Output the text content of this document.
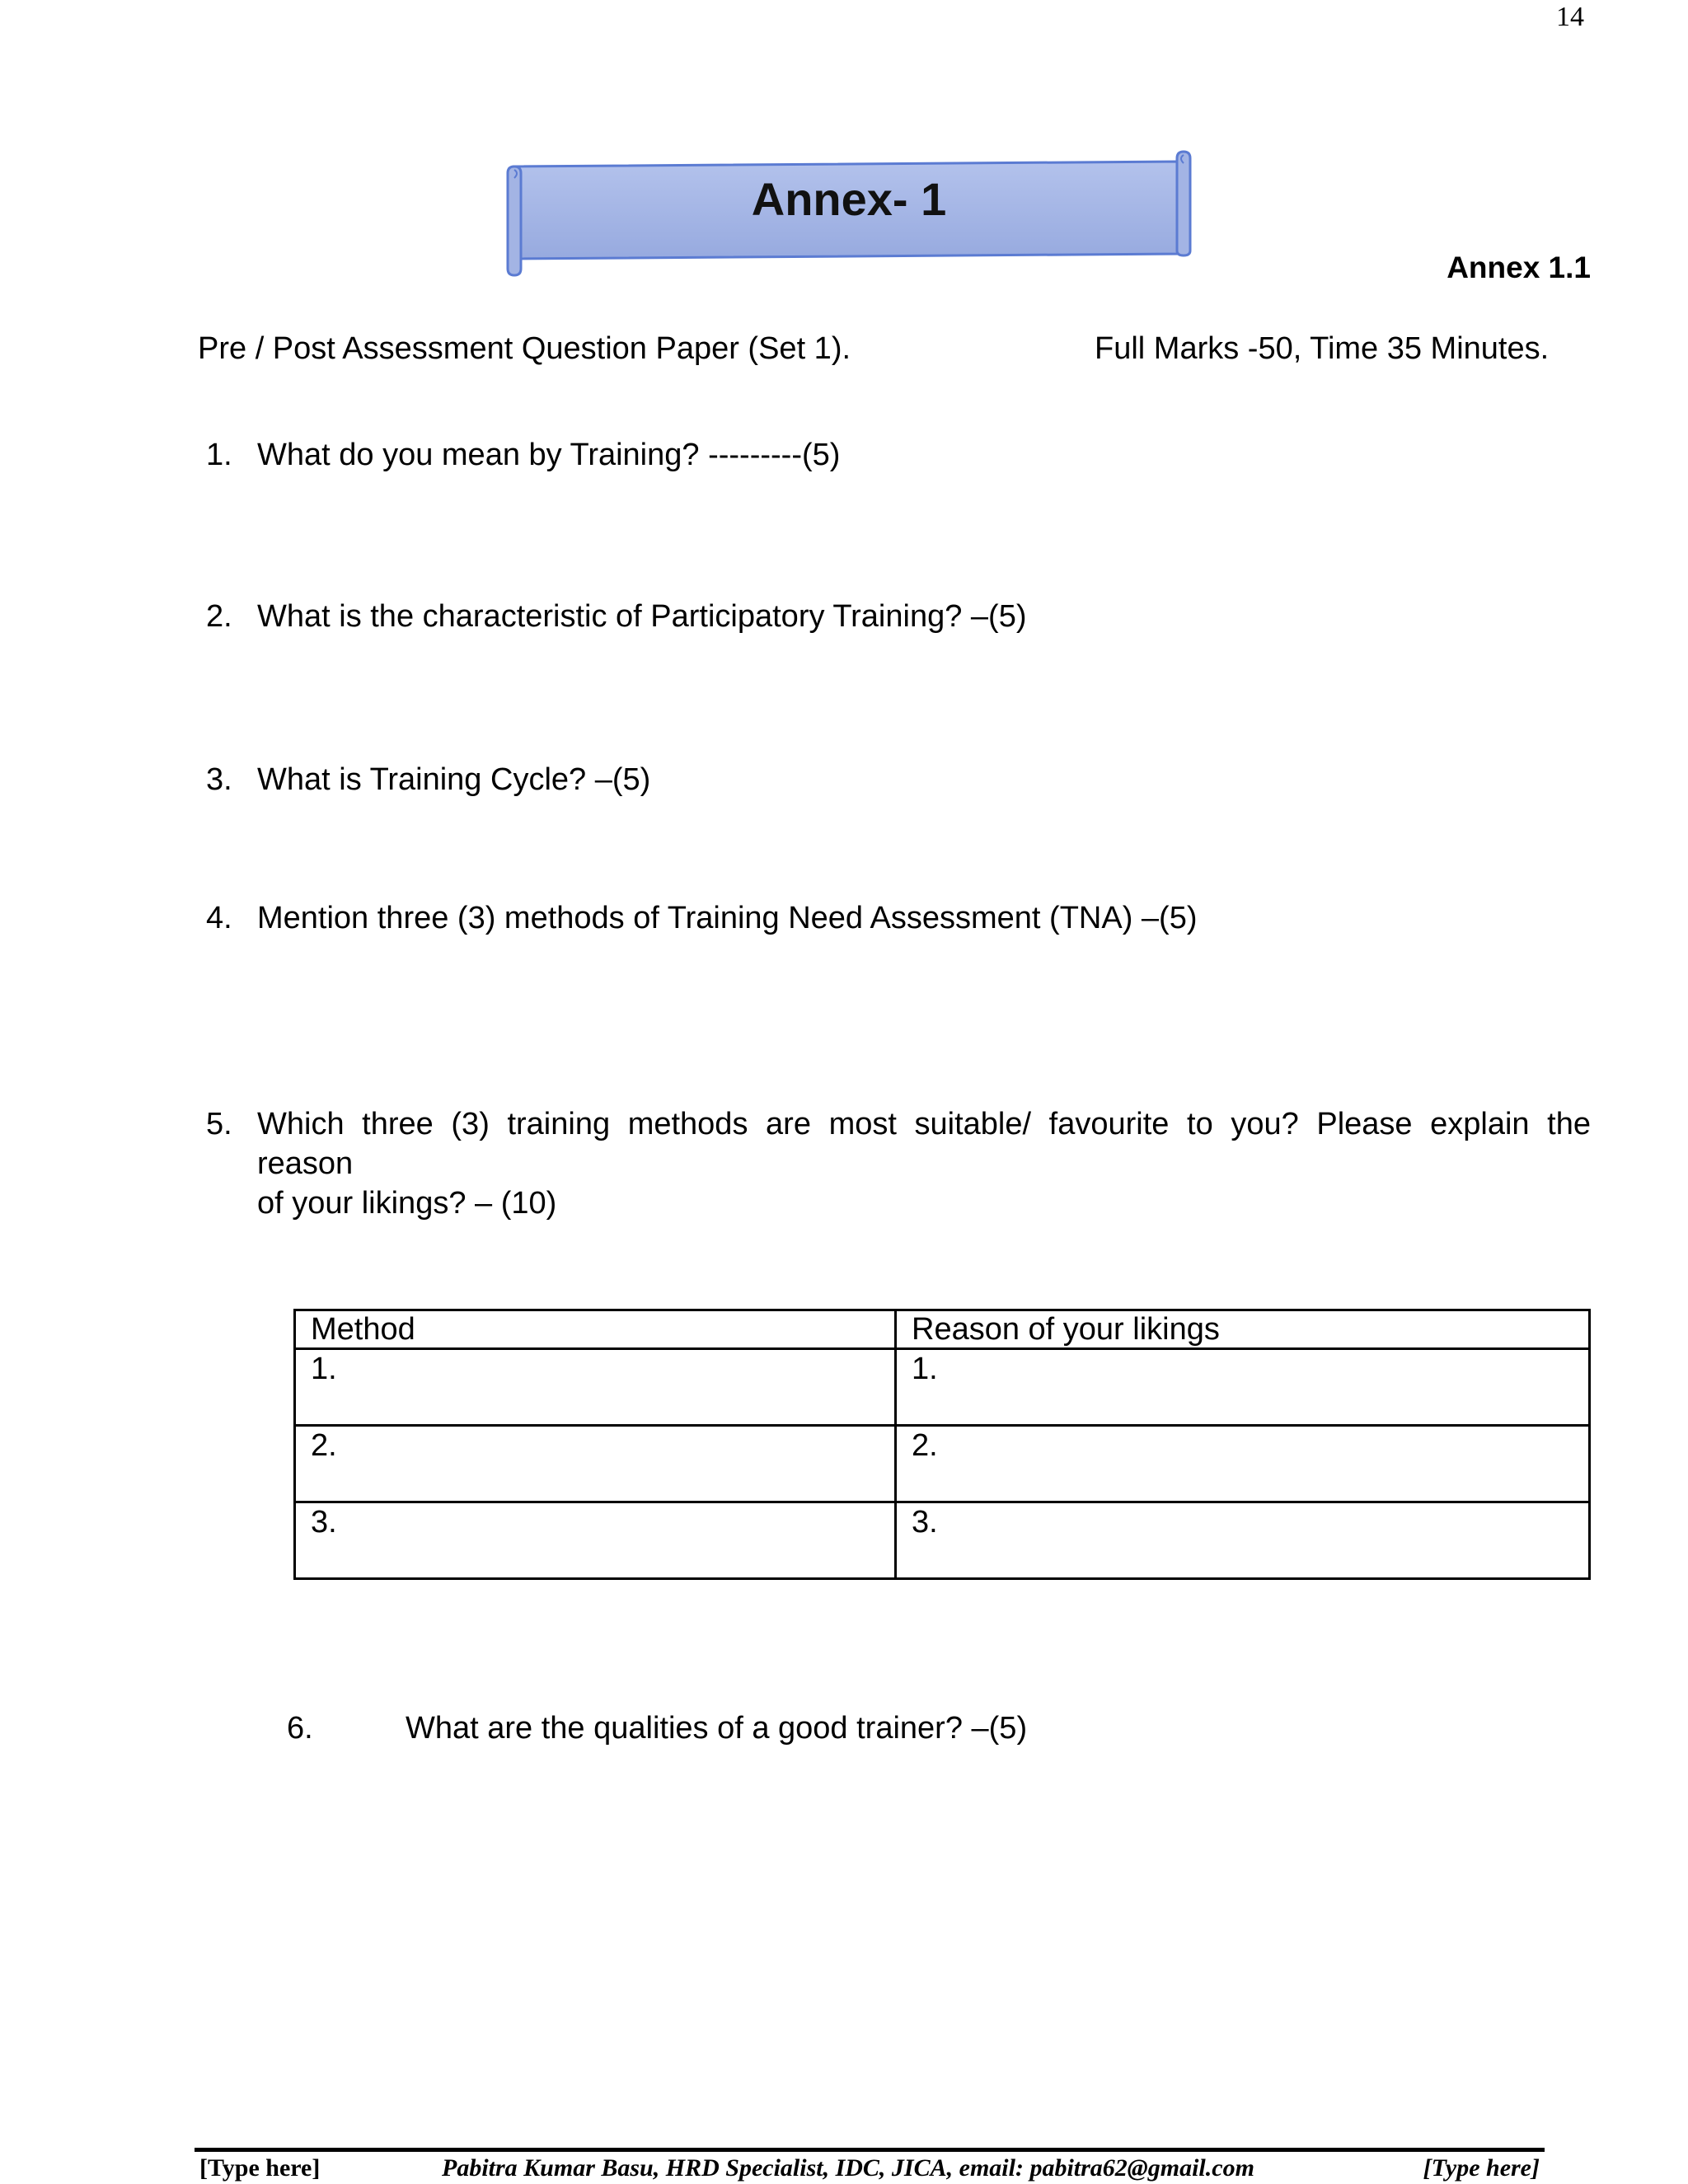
14
Annex- 1
Annex 1.1
Pre / Post Assessment Question Paper (Set 1).	Full Marks -50, Time 35 Minutes.
1. What do you mean by Training? ---------(5)
2. What is the characteristic of Participatory Training? –(5)
3. What is Training Cycle? –(5)
4. Mention three (3) methods of Training Need Assessment (TNA) –(5)
5. Which three (3) training methods are most suitable/ favourite to you? Please explain the
reason
of your likings? – (10)
Method	Reason of your likings
1.	1.
2.	2.
3.	3.
6.	What are the qualities of a good trainer? –(5)
[Type here]	Pabitra Kumar Basu, HRD Specialist, IDC, JICA, email: pabitra62@gmail.com	[Type here]
